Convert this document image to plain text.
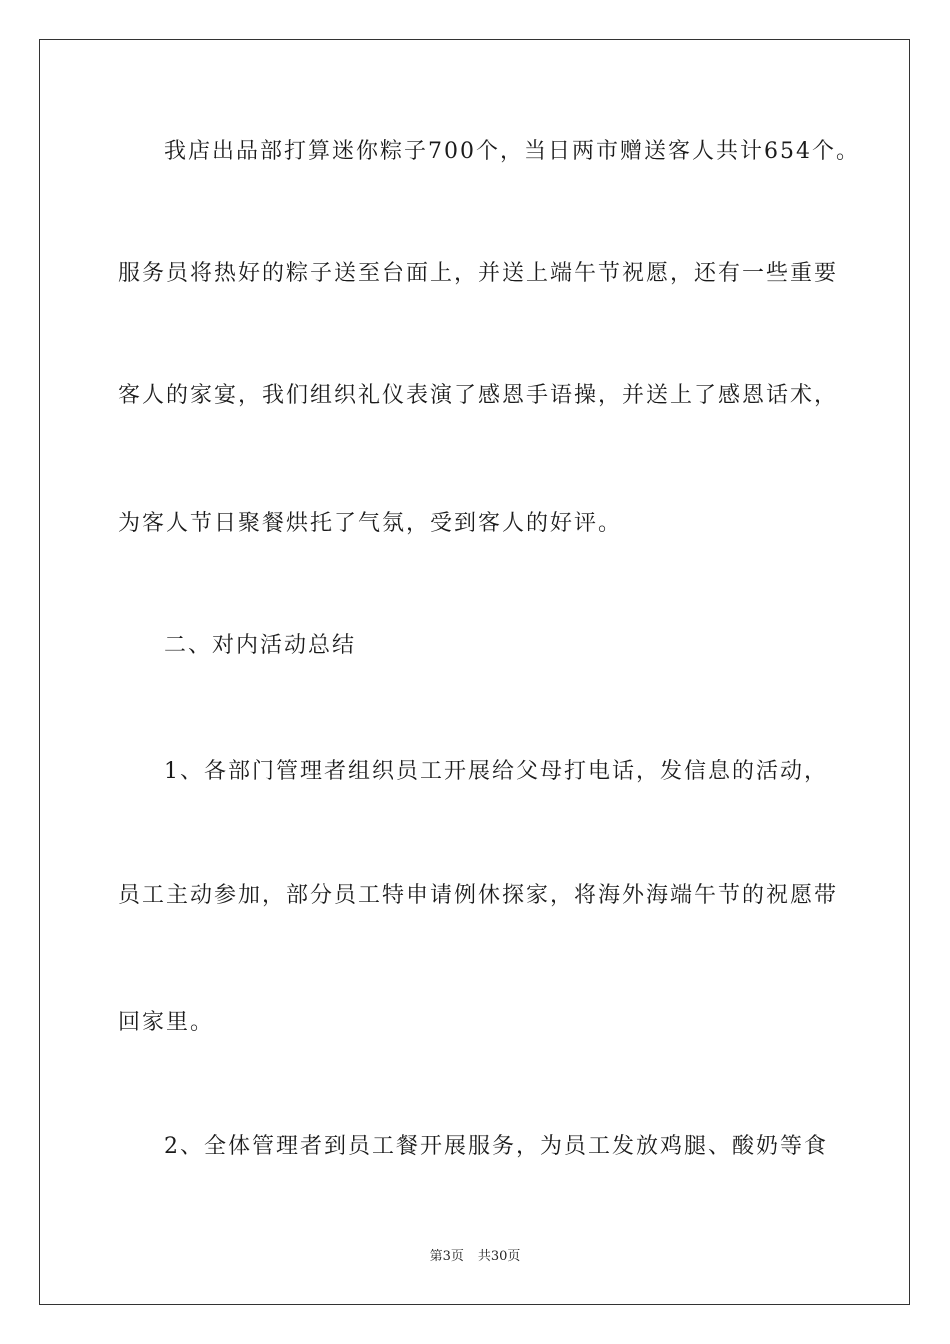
我店出品部打算迷你粽子700个，当日两市赠送客人共计654个。
服务员将热好的粽子送至台面上，并送上端午节祝愿，还有一些重要
客人的家宴，我们组织礼仪表演了感恩手语操，并送上了感恩话术，
为客人节日聚餐烘托了气氛，受到客人的好评。
二、对内活动总结
1、各部门管理者组织员工开展给父母打电话，发信息的活动，
员工主动参加，部分员工特申请例休探家，将海外海端午节的祝愿带
回家里。
2、全体管理者到员工餐开展服务，为员工发放鸡腿、酸奶等食
第3页 共30页
